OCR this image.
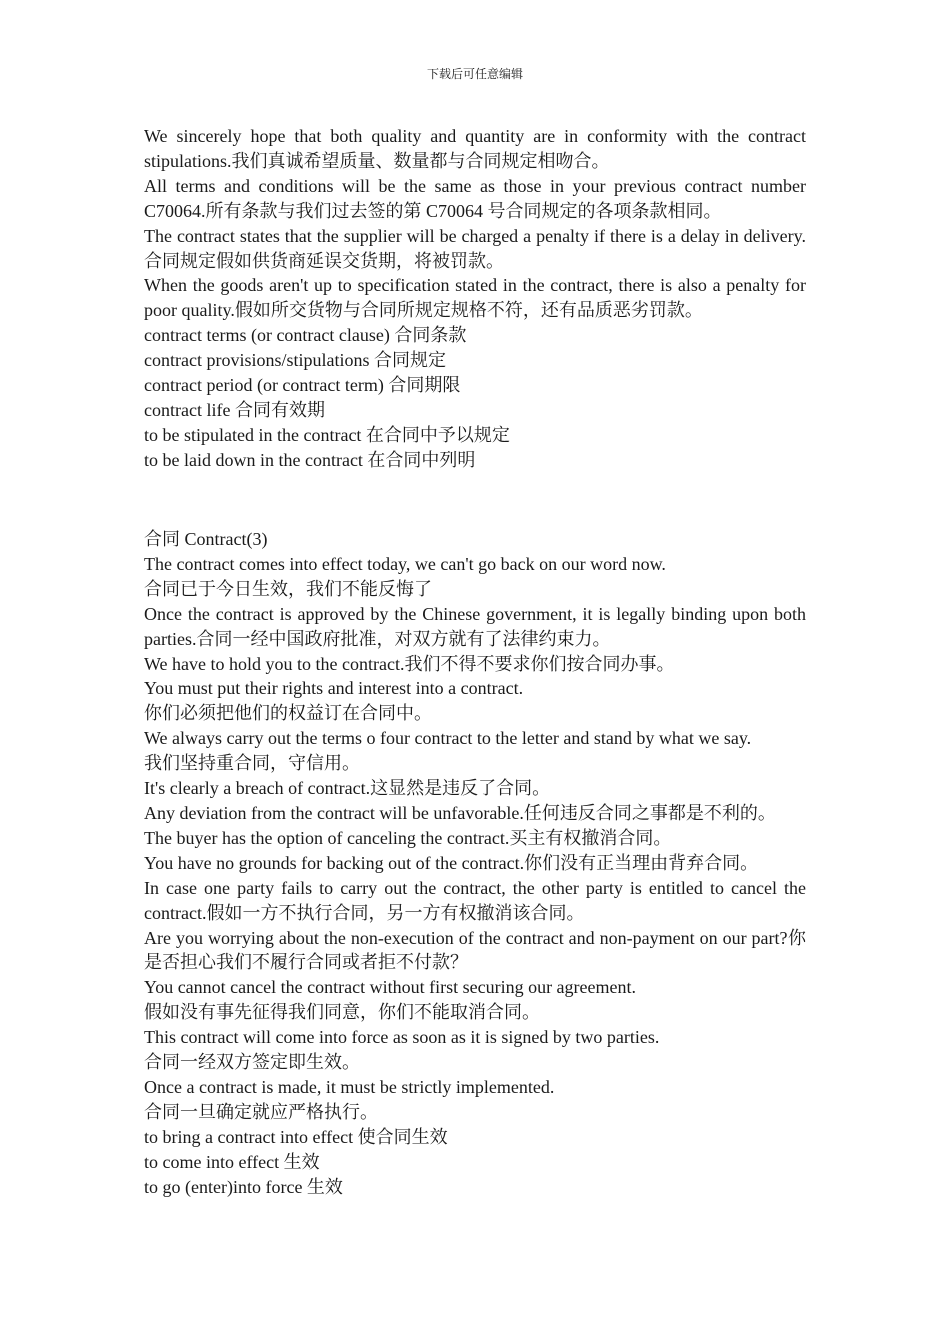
下载后可任意编辑

We sincerely hope that both quality and quantity are in conformity with the contract stipulations.我们真诚希望质量、数量都与合同规定相吻合。

All terms and conditions will be the same as those in your previous contract number C70064.所有条款与我们过去签的第 C70064 号合同规定的各项条款相同。

The contract states that the supplier will be charged a penalty if there is a delay in delivery.合同规定假如供货商延误交货期，将被罚款。

When the goods aren't up to specification stated in the contract, there is also a penalty for poor quality.假如所交货物与合同所规定规格不符，还有品质恶劣罚款。

contract terms (or contract clause) 合同条款

contract provisions/stipulations 合同规定

contract period (or contract term) 合同期限

contract life 合同有效期

to be stipulated in the contract 在合同中予以规定

to be laid down in the contract 在合同中列明

合同 Contract(3)

The contract comes into effect today, we can't go back on our word now.

合同已于今日生效，我们不能反悔了

Once the contract is approved by the Chinese government, it is legally binding upon both parties.合同一经中国政府批准，对双方就有了法律约束力。

We have to hold you to the contract.我们不得不要求你们按合同办事。

You must put their rights and interest into a contract.

你们必须把他们的权益订在合同中。

We always carry out the terms o four contract to the letter and stand by what we say.

我们坚持重合同，守信用。

It's clearly a breach of contract.这显然是违反了合同。

Any deviation from the contract will be unfavorable.任何违反合同之事都是不利的。

The buyer has the option of canceling the contract.买主有权撤消合同。

You have no grounds for backing out of the contract.你们没有正当理由背弃合同。

In case one party fails to carry out the contract, the other party is entitled to cancel the contract.假如一方不执行合同，另一方有权撤消该合同。

Are you worrying about the non-execution of the contract and non-payment on our part?你是否担心我们不履行合同或者拒不付款？

You cannot cancel the contract without first securing our agreement.

假如没有事先征得我们同意，你们不能取消合同。

This contract will come into force as soon as it is signed by two parties.

合同一经双方签定即生效。

Once a contract is made, it must be strictly implemented.

合同一旦确定就应严格执行。

to bring a contract into effect 使合同生效

to come into effect 生效

to go (enter)into force 生效
